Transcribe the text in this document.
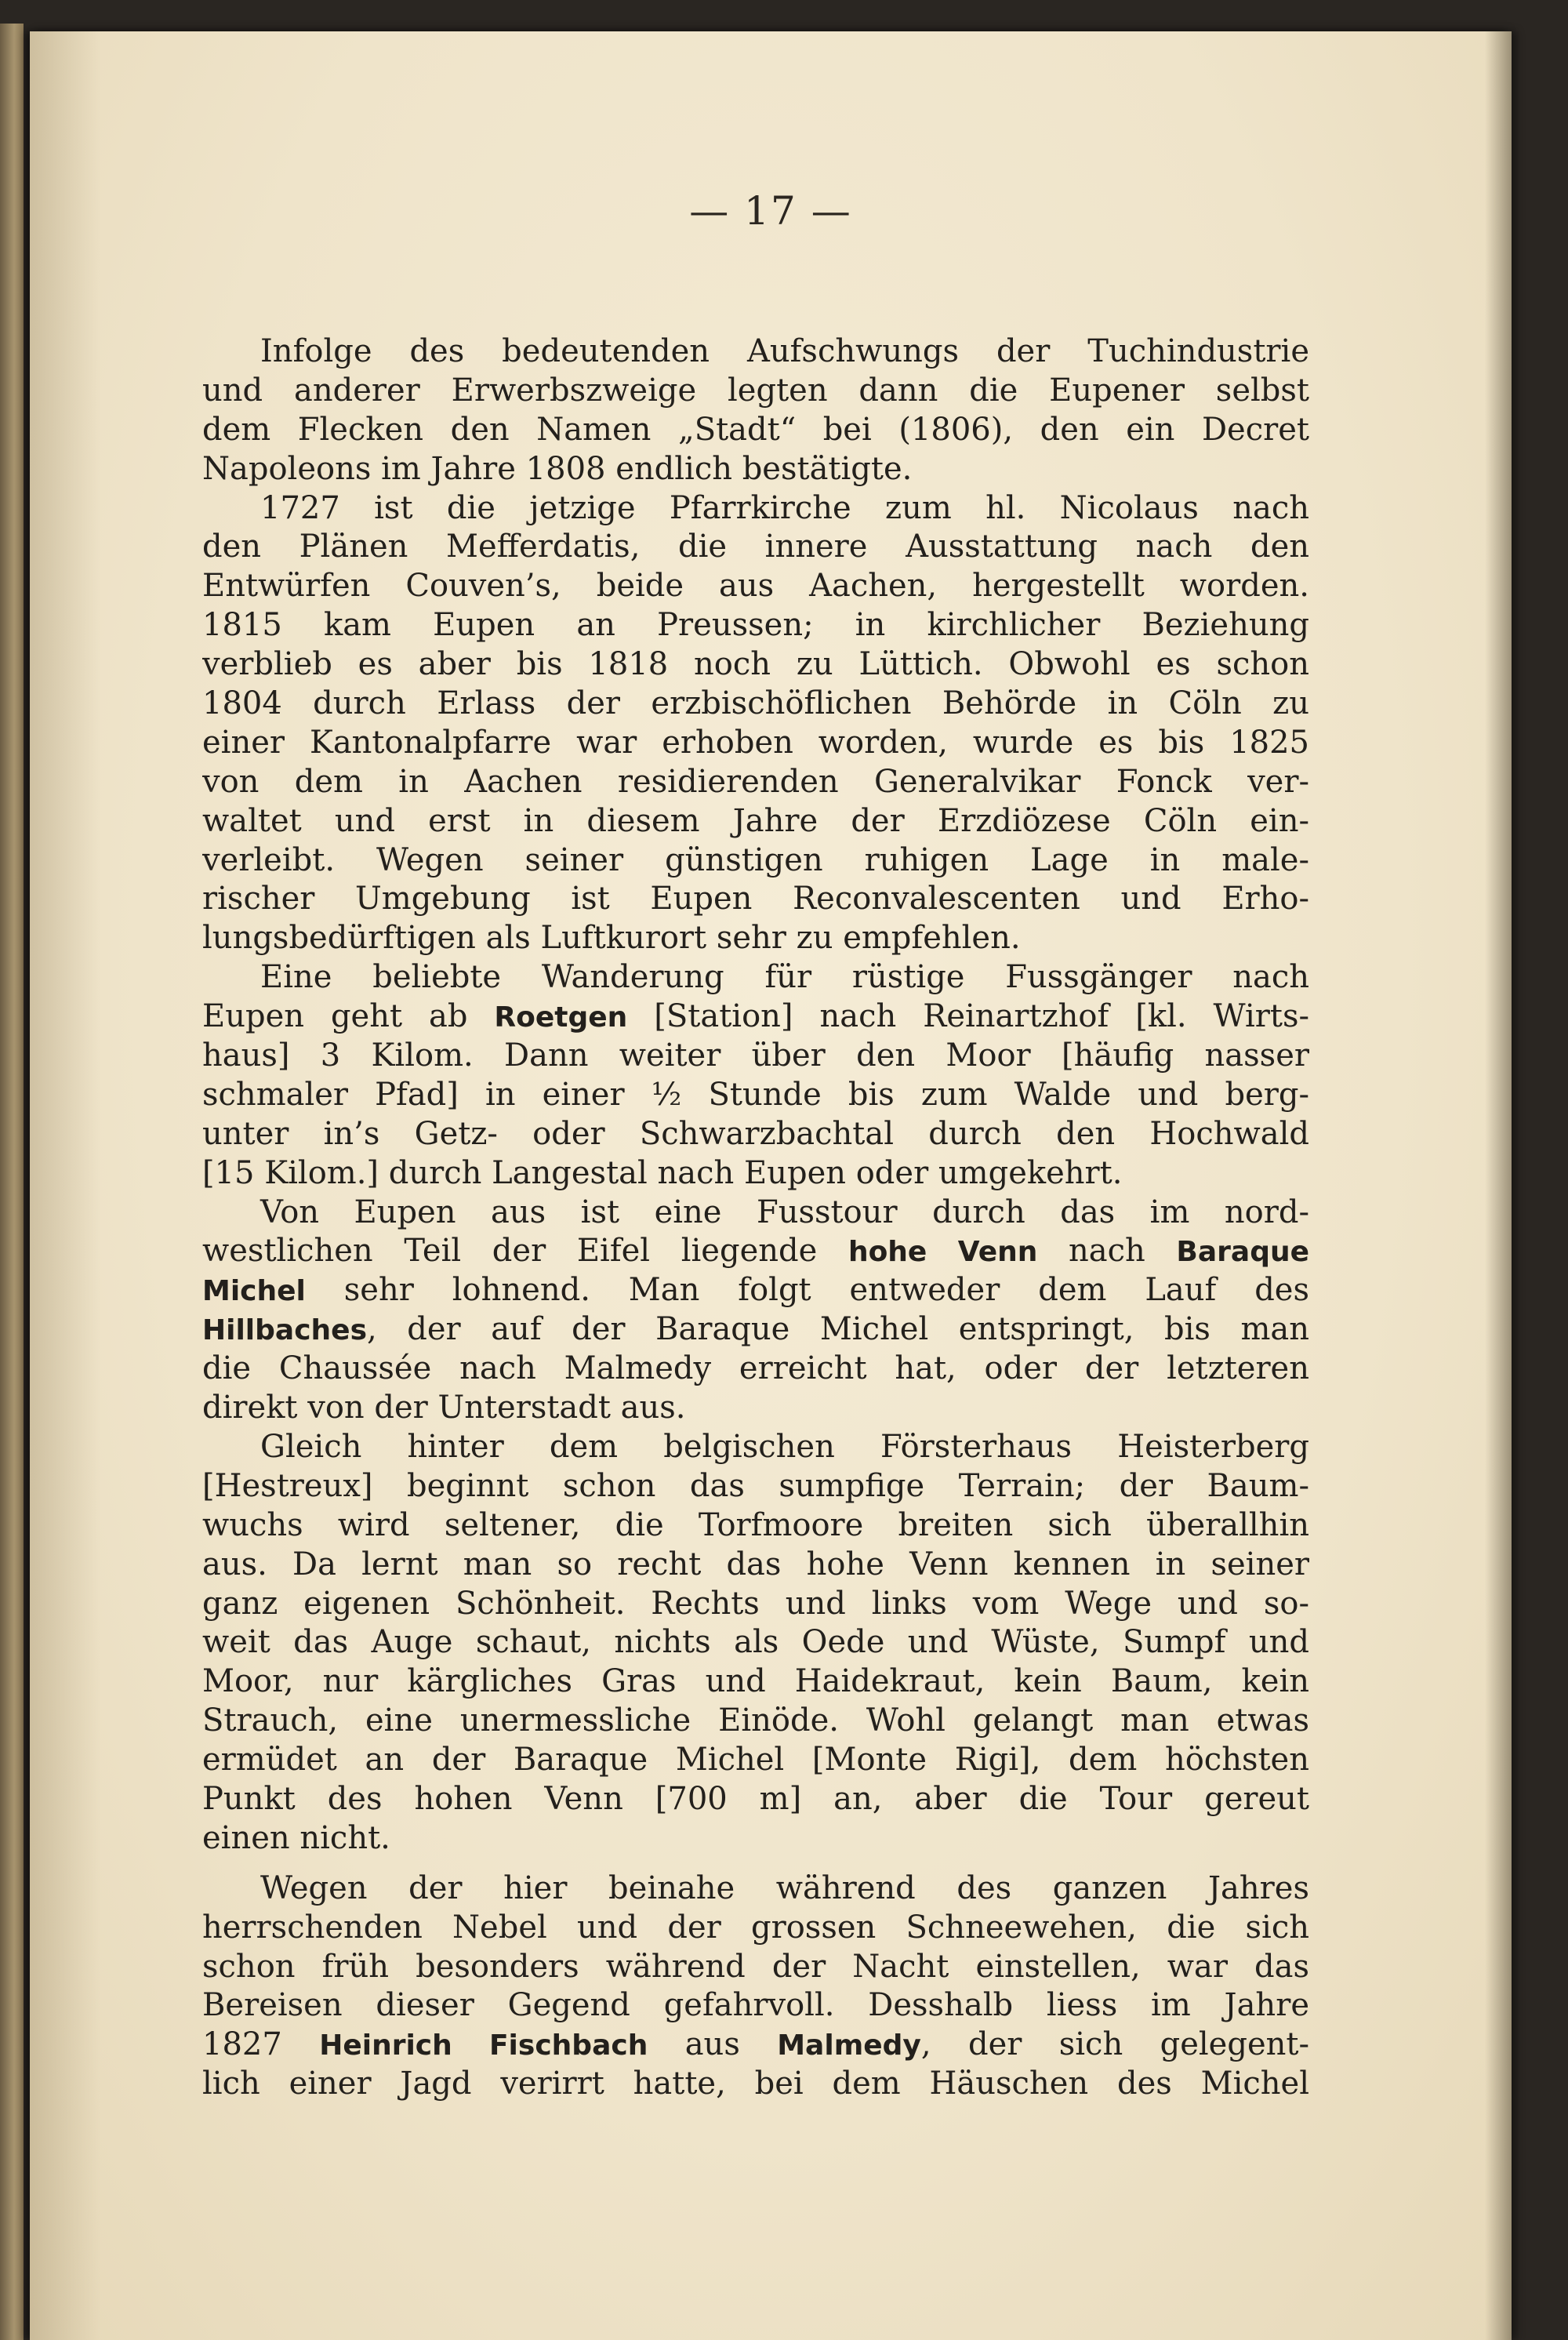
— 17 —
Infolge des bedeutenden Aufschwungs der Tuchindustrie
und anderer Erwerbszweige legten dann die Eupener selbst
dem Flecken den Namen „Stadt“ bei (1806), den ein Decret
Napoleons im Jahre 1808 endlich bestätigte.
1727 ist die jetzige Pfarrkirche zum hl. Nicolaus nach
den Plänen Mefferdatis, die innere Ausstattung nach den
Entwürfen Couven’s, beide aus Aachen, hergestellt worden.
1815 kam Eupen an Preussen; in kirchlicher Beziehung
verblieb es aber bis 1818 noch zu Lüttich. Obwohl es schon
1804 durch Erlass der erzbischöflichen Behörde in Cöln zu
einer Kantonalpfarre war erhoben worden, wurde es bis 1825
von dem in Aachen residierenden Generalvikar Fonck ver-
waltet und erst in diesem Jahre der Erzdiözese Cöln ein-
verleibt. Wegen seiner günstigen ruhigen Lage in male-
rischer Umgebung ist Eupen Reconvalescenten und Erho-
lungsbedürftigen als Luftkurort sehr zu empfehlen.
Eine beliebte Wanderung für rüstige Fussgänger nach
Eupen geht ab Roetgen [Station] nach Reinartzhof [kl. Wirts-
haus] 3 Kilom. Dann weiter über den Moor [häufig nasser
schmaler Pfad] in einer ½ Stunde bis zum Walde und berg-
unter in’s Getz- oder Schwarzbachtal durch den Hochwald
[15 Kilom.] durch Langestal nach Eupen oder umgekehrt.
Von Eupen aus ist eine Fusstour durch das im nord-
westlichen Teil der Eifel liegende hohe Venn nach Baraque
Michel sehr lohnend. Man folgt entweder dem Lauf des
Hillbaches, der auf der Baraque Michel entspringt, bis man
die Chaussée nach Malmedy erreicht hat, oder der letzteren
direkt von der Unterstadt aus.
Gleich hinter dem belgischen Försterhaus Heisterberg
[Hestreux] beginnt schon das sumpfige Terrain; der Baum-
wuchs wird seltener, die Torfmoore breiten sich überallhin
aus. Da lernt man so recht das hohe Venn kennen in seiner
ganz eigenen Schönheit. Rechts und links vom Wege und so-
weit das Auge schaut, nichts als Oede und Wüste, Sumpf und
Moor, nur kärgliches Gras und Haidekraut, kein Baum, kein
Strauch, eine unermessliche Einöde. Wohl gelangt man etwas
ermüdet an der Baraque Michel [Monte Rigi], dem höchsten
Punkt des hohen Venn [700 m] an, aber die Tour gereut
einen nicht.
Wegen der hier beinahe während des ganzen Jahres
herrschenden Nebel und der grossen Schneewehen, die sich
schon früh besonders während der Nacht einstellen, war das
Bereisen dieser Gegend gefahrvoll. Desshalb liess im Jahre
1827 Heinrich Fischbach aus Malmedy, der sich gelegent-
lich einer Jagd verirrt hatte, bei dem Häuschen des Michel
